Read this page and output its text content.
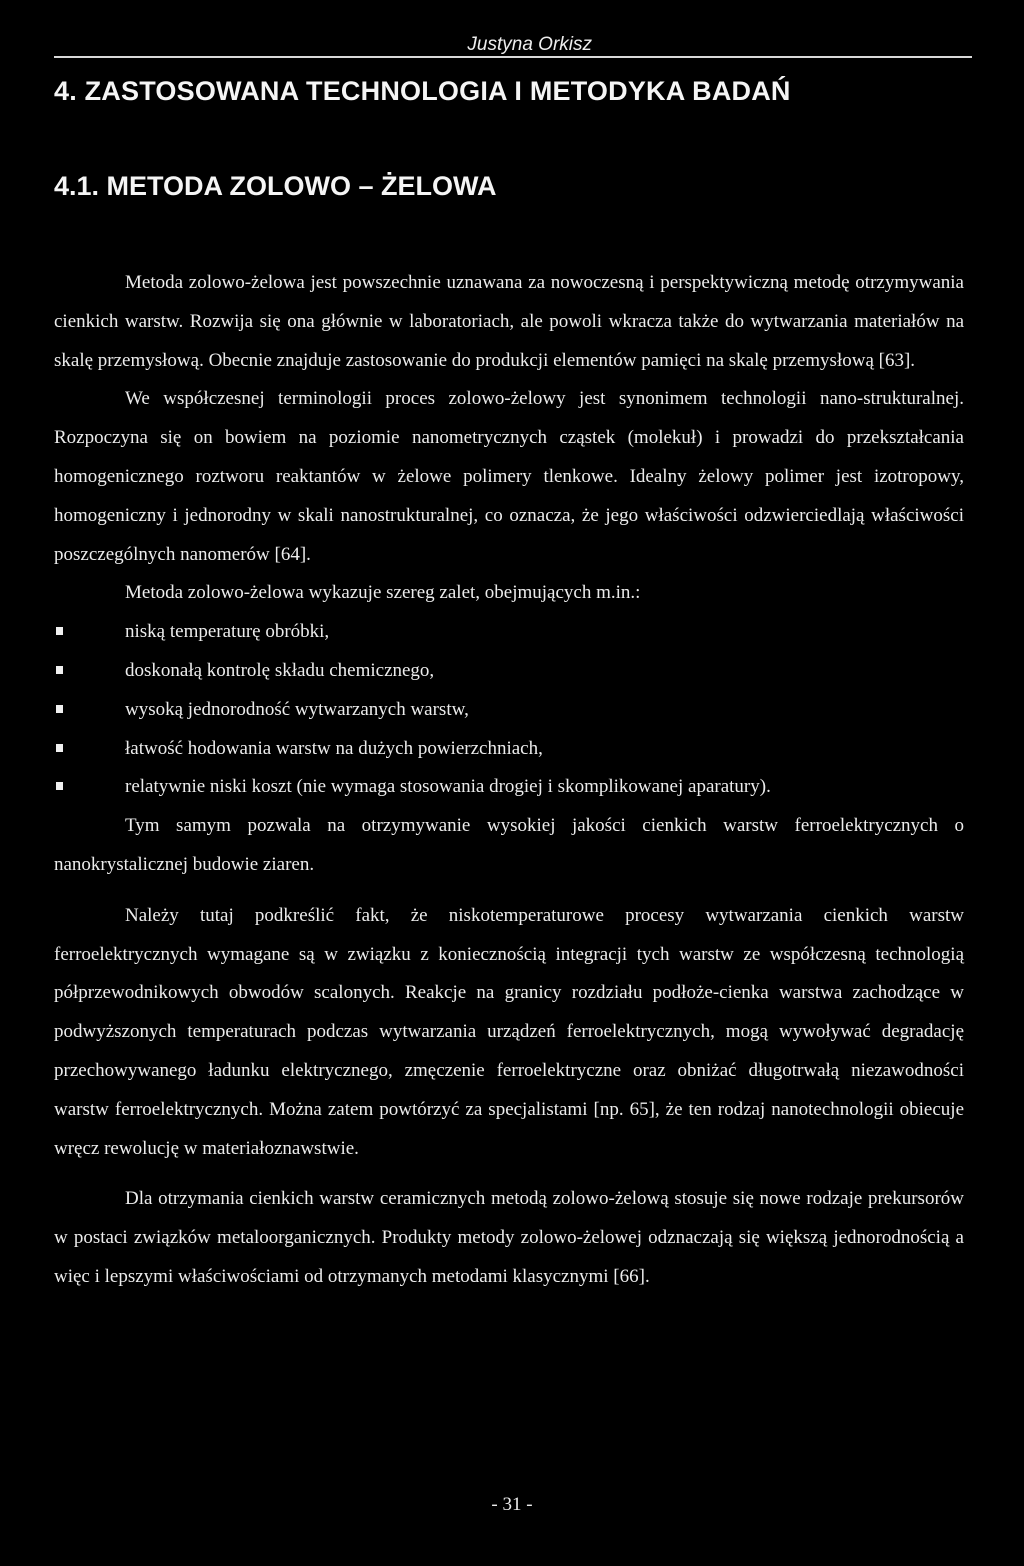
Justyna Orkisz
4. ZASTOSOWANA TECHNOLOGIA I METODYKA BADAŃ
4.1. METODA ZOLOWO – ŻELOWA

Metoda zolowo-żelowa jest powszechnie uznawana za nowoczesną i perspektywiczną metodę otrzymywania cienkich warstw. Rozwija się ona głównie w laboratoriach, ale powoli wkracza także do wytwarzania materiałów na skalę przemysłową. Obecnie znajduje zastosowanie do produkcji elementów pamięci na skalę przemysłową [63].

We współczesnej terminologii proces zolowo-żelowy jest synonimem technologii nano-strukturalnej. Rozpoczyna się on bowiem na poziomie nanometrycznych cząstek (molekuł) i prowadzi do przekształcania homogenicznego roztworu reaktantów w żelowe polimery tlenkowe. Idealny żelowy polimer jest izotropowy, homogeniczny i jednorodny w skali nanostrukturalnej, co oznacza, że jego właściwości odzwierciedlają właściwości poszczególnych nanomerów [64].

Metoda zolowo-żelowa wykazuje szereg zalet, obejmujących m.in.:

niską temperaturę obróbki,
doskonałą kontrolę składu chemicznego,
wysoką jednorodność wytwarzanych warstw,
łatwość hodowania warstw na dużych powierzchniach,
relatywnie niski koszt (nie wymaga stosowania drogiej i skomplikowanej aparatury).

Tym samym pozwala na otrzymywanie wysokiej jakości cienkich warstw ferroelektrycznych o nanokrystalicznej budowie ziaren.

Należy tutaj podkreślić fakt, że niskotemperaturowe procesy wytwarzania cienkich warstw ferroelektrycznych wymagane są w związku z koniecznością integracji tych warstw ze współczesną technologią półprzewodnikowych obwodów scalonych. Reakcje na granicy rozdziału podłoże-cienka warstwa zachodzące w podwyższonych temperaturach podczas wytwarzania urządzeń ferroelektrycznych, mogą wywoływać degradację przechowywanego ładunku elektrycznego, zmęczenie ferroelektryczne oraz obniżać długotrwałą niezawodności warstw ferroelektrycznych. Można zatem powtórzyć za specjalistami [np. 65], że ten rodzaj nanotechnologii obiecuje wręcz rewolucję w materiałoznawstwie.

Dla otrzymania cienkich warstw ceramicznych metodą zolowo-żelową stosuje się nowe rodzaje prekursorów w postaci związków metaloorganicznych. Produkty metody zolowo-żelowej odznaczają się większą jednorodnością a więc i lepszymi właściwościami od otrzymanych metodami klasycznymi [66].

- 31 -
